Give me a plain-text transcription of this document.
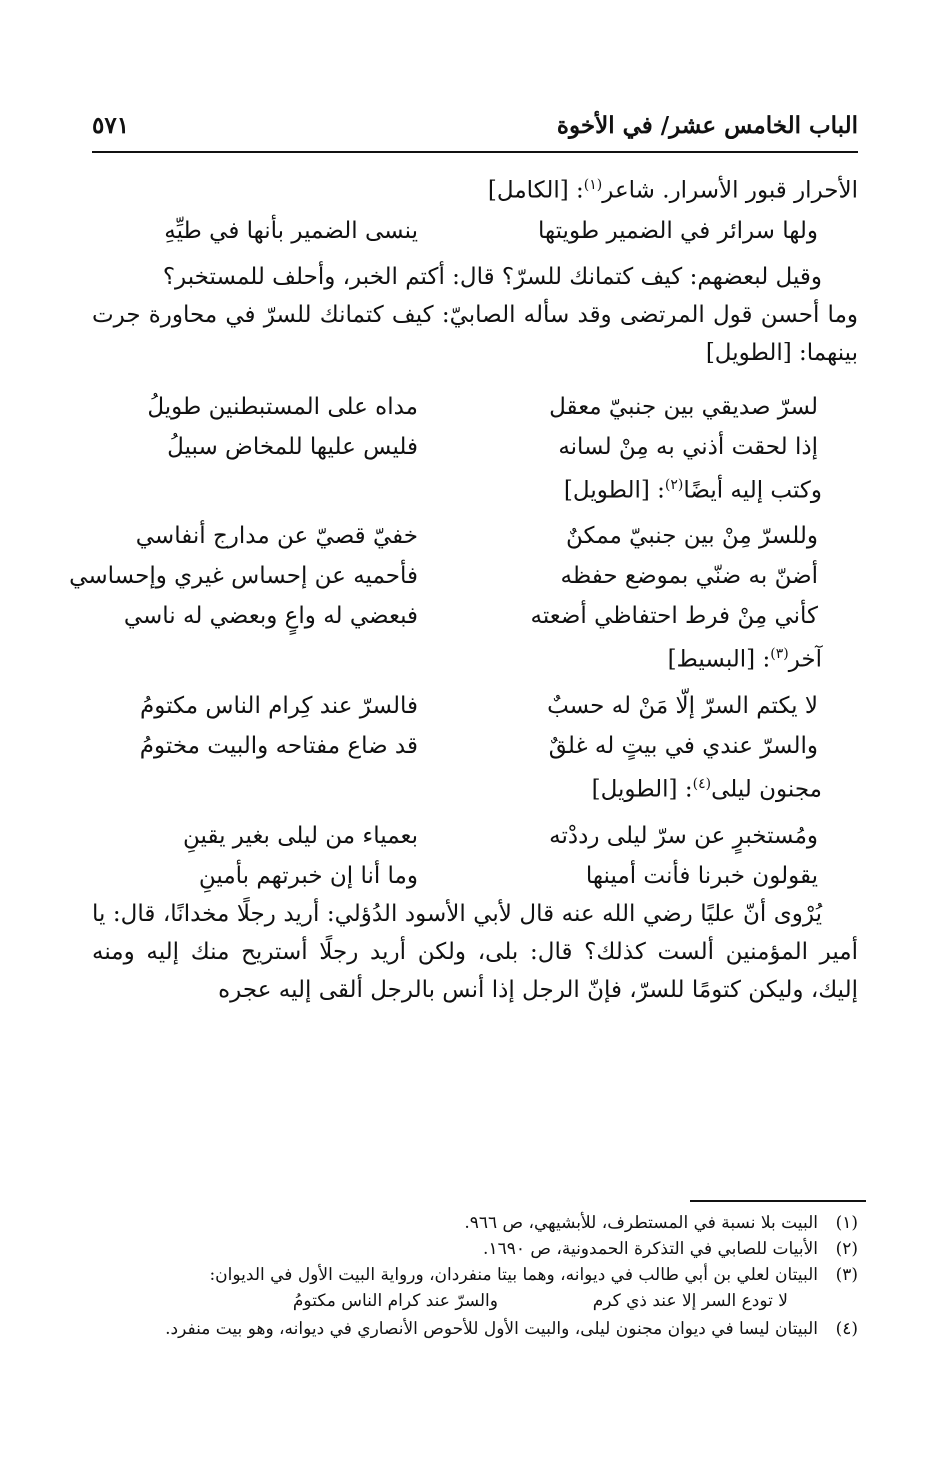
الباب الخامس عشر/ في الأخوة
٥٧١

الأحرار قبور الأسرار. شاعر$^{(١)}$: [الكامل]

ولها سرائر في الضمير طويتها
ينسى الضمير بأنها في طيِّهِ

وقيل لبعضهم: كيف كتمانك للسرّ؟ قال: أكتم الخبر، وأحلف للمستخبر؟

وما أحسن قول المرتضى وقد سأله الصابيّ: كيف كتمانك للسرّ في محاورة جرت بينهما: [الطويل]

لسرّ صديقي بين جنبيّ معقل
مداه على المستبطنين طويلُ
إذا لحقت أذني به مِنْ لسانه
فليس عليها للمخاض سبيلُ

وكتب إليه أيضًا$^{(٢)}$: [الطويل]

وللسرّ مِنْ بين جنبيّ ممكنٌ
خفيّ قصيّ عن مدارج أنفاسي
أضنّ به ضنّي بموضع حفظه
فأحميه عن إحساس غيري وإحساسي
كأني مِنْ فرط احتفاظي أضعته
فبعضي له واعٍ وبعضي له ناسي

آخر$^{(٣)}$: [البسيط]

لا يكتم السرّ إلّا مَنْ له حسبٌ
فالسرّ عند كِرام الناس مكتومُ
والسرّ عندي في بيتٍ له غلقٌ
قد ضاع مفتاحه والبيت مختومُ

مجنون ليلى$^{(٤)}$: [الطويل]

ومُستخبرٍ عن سرّ ليلى رددْته
بعمياء من ليلى بغير يقينِ
يقولون خبرنا فأنت أمينها
وما أنا إن خبرتهم بأمينِ

يُرْوى أنّ عليًا رضي الله عنه قال لأبي الأسود الدُؤلي: أريد رجلًا مخدانًا، قال: يا أمير المؤمنين ألست كذلك؟ قال: بلى، ولكن أريد رجلًا أستريح منك إليه ومنه إليك، وليكن كتومًا للسرّ، فإنّ الرجل إذا أنس بالرجل ألقى إليه عجره

(١)
البيت بلا نسبة في المستطرف، للأبشيهي، ص ٩٦٦.

(٢)
الأبيات للصابي في التذكرة الحمدونية، ص ١٦٩٠.

(٣)
البيتان لعلي بن أبي طالب في ديوانه، وهما بيتا منفردان، ورواية البيت الأول في الديوان:

لا تودع السر إلا عند ذي كرم
والسرّ عند كرام الناس مكتومُ

(٤)
البيتان ليسا في ديوان مجنون ليلى، والبيت الأول للأحوص الأنصاري في ديوانه، وهو بيت منفرد.
